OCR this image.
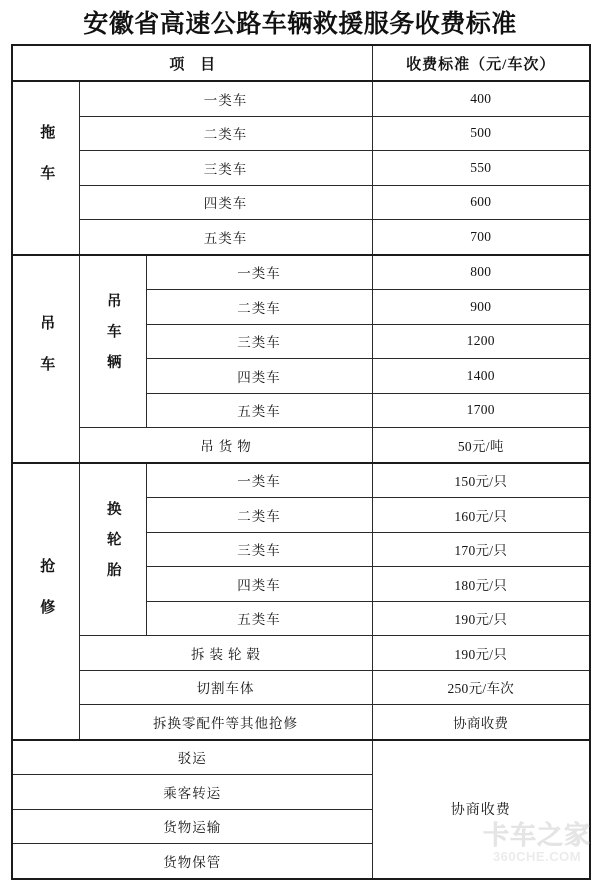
安徽省高速公路车辆救援服务收费标准
项 目			收费标准（元/车次）
拖车	一类车		400
	二类车		500
	三类车		550
	四类车		600
	五类车		700
吊车	吊车辆	一类车	800
		二类车	900
		三类车	1200
		四类车	1400
		五类车	1700
	吊货物		50元/吨
抢修	换轮胎	一类车	150元/只
		二类车	160元/只
		三类车	170元/只
		四类车	180元/只
		五类车	190元/只
	拆装轮毂		190元/只
	切割车体		250元/车次
	拆换零配件等其他抢修		协商收费
驳运			协商收费
乘客转运			
货物运输			
货物保管			
卡车之家
360CHE.COM
